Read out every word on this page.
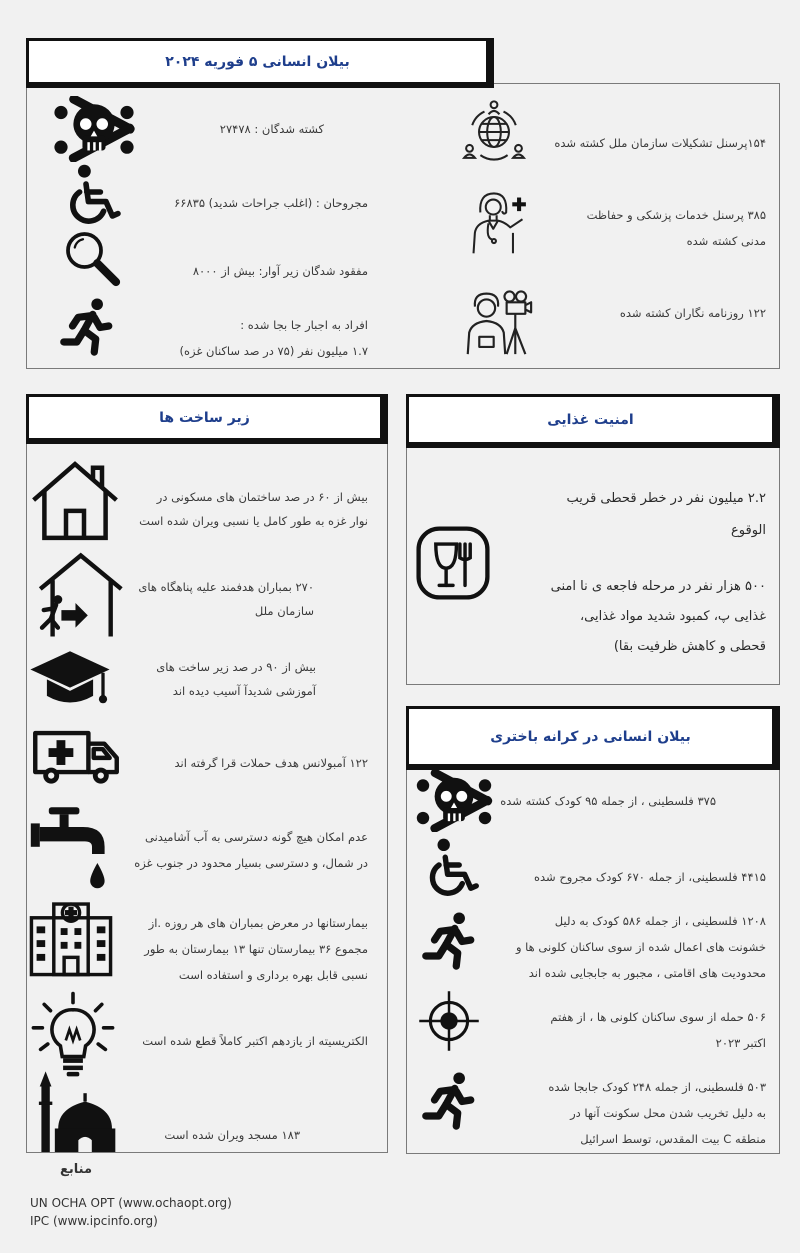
بیلان انسانی ۵ فوریه ۲۰۲۴
کشته شدگان : ۲۷۴۷۸
مجروحان : (اغلب جراحات شدید) ۶۶۸۳۵
مفقود شدگان زیر آوار: بیش از ۸۰۰۰
افراد به اجبار جا بجا شده :
۱.۷ میلیون نفر (۷۵ در صد ساکنان غزه)
۱۵۴پرسنل تشکیلات سازمان ملل کشته شده
۳۸۵ پرسنل خدمات پزشکی و حفاظت
مدنی کشته شده
۱۲۲ روزنامه نگاران کشته شده
زیر ساخت ها
بیش از ۶۰ در صد ساختمان های مسکونی در
نوار غزه به طور کامل یا نسبی ویران شده است
۲۷۰ بمباران هدفمند علیه پناهگاه های
سازمان ملل
بیش از ۹۰ در صد زیر ساخت های
آموزشی شدیدآ آسیب دیده اند
۱۲۲ آمبولانس هدف حملات قرا گرفته اند
عدم امکان هیچ گونه دسترسی به آب آشامیدنی
در شمال، و دسترسی بسیار محدود در جنوب غزه
بیمارستانها در معرض بمباران های هر روزه .از
مجموع ۳۶ بیمارستان تنها ۱۳ بیمارستان به طور
نسبی قابل بهره برداری و استفاده است
الکتریسیته از یازدهم اکتبر کاملاً قطع شده است
۱۸۳ مسجد ویران شده است
امنیت غذایی
۲.۲ میلیون نفر در خطر قحطی قریب
الوقوع
۵۰۰ هزار نفر در مرحله فاجعه ی نا امنی
غذایی پ، کمبود شدید مواد غذایی،
قحطی و کاهش ظرفیت بقا)
بیلان انسانی در کرانه باختری
۳۷۵ فلسطینی ، از جمله ۹۵ کودک کشته شده
۴۴۱۵ فلسطینی، از جمله ۶۷۰ کودک مجروح شده
۱۲۰۸ فلسطینی ، از جمله ۵۸۶ کودک به دلیل
خشونت های اعمال شده از سوی ساکنان کلونی ها و
محدودیت های اقامتی ، مجبور به جابجایی شده اند
۵۰۶ حمله از سوی ساکنان کلونی ها ، از هفتم
اکتبر ۲۰۲۳
۵۰۳ فلسطینی، از جمله ۲۴۸ کودک جابجا شده
به دلیل تخریب شدن محل سکونت آنها در
منطقه C بیت المقدس، توسط اسرائیل
منابع
UN OCHA OPT (www.ochaopt.org)
IPC (www.ipcinfo.org)
